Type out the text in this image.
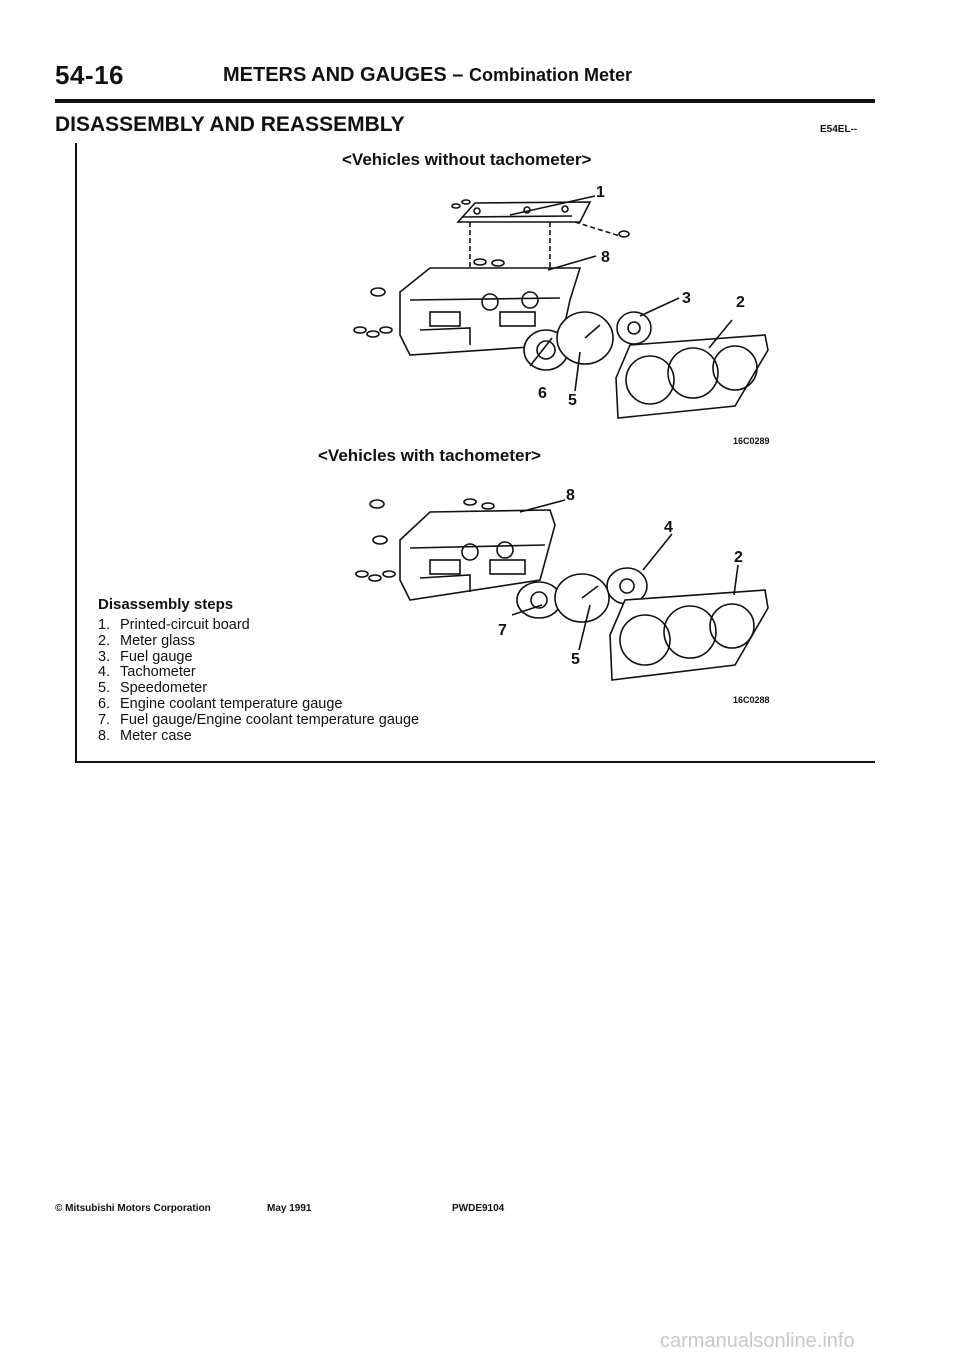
54-16	METERS AND GAUGES – Combination Meter
DISASSEMBLY AND REASSEMBLY	E54EL--
<Vehicles without tachometer>
1
8
3	2
6 5
16C0289
<Vehicles with tachometer>
8
4
2
7
5
16C0288
Disassembly steps
1. Printed-circuit board
2. Meter glass
3. Fuel gauge
4. Tachometer
5. Speedometer
6. Engine coolant temperature gauge
7. Fuel gauge/Engine coolant temperature gauge
8. Meter case
© Mitsubishi Motors Corporation	May 1991	PWDE9104
carmanualsonline.info
